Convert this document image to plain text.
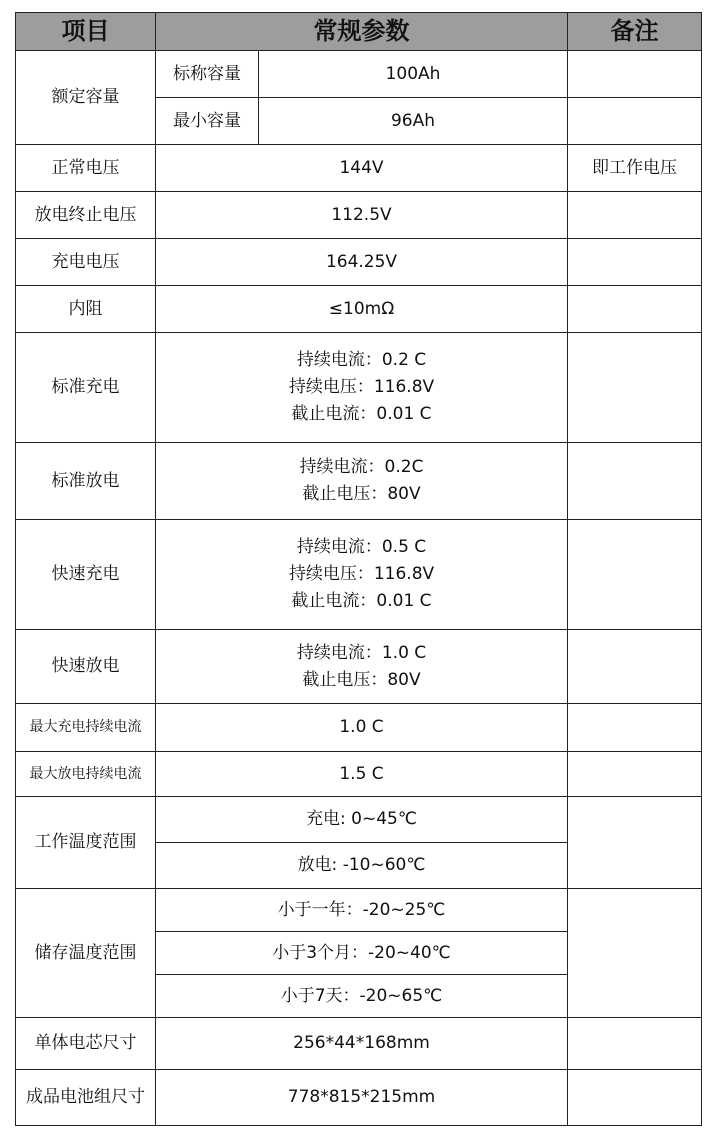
项目	常规参数		备注
额定容量	标称容量	100Ah	
	最小容量	96Ah	
正常电压	144V		即工作电压
放电终止电压	112.5V		
充电电压	164.25V		
内阻	≤10mΩ		
标准充电	持续电流：0.2 C
持续电压：116.8V
截止电流：0.01 C		

标准放电	持续电流：0.2C
截止电压：80V		

快速充电	持续电流：0.5 C
持续电压：116.8V
截止电流：0.01 C		

快速放电	持续电流：1.0 C
截止电压：80V		

最大充电持续电流	1.0 C		
最大放电持续电流	1.5 C		
工作温度范围	充电: 0~45℃		
	放电: -10~60℃		
储存温度范围	小于一年：-20~25℃		
	小于3个月：-20~40℃		
	小于7天：-20~65℃		
单体电芯尺寸	256*44*168mm		
成品电池组尺寸	778*815*215mm		
